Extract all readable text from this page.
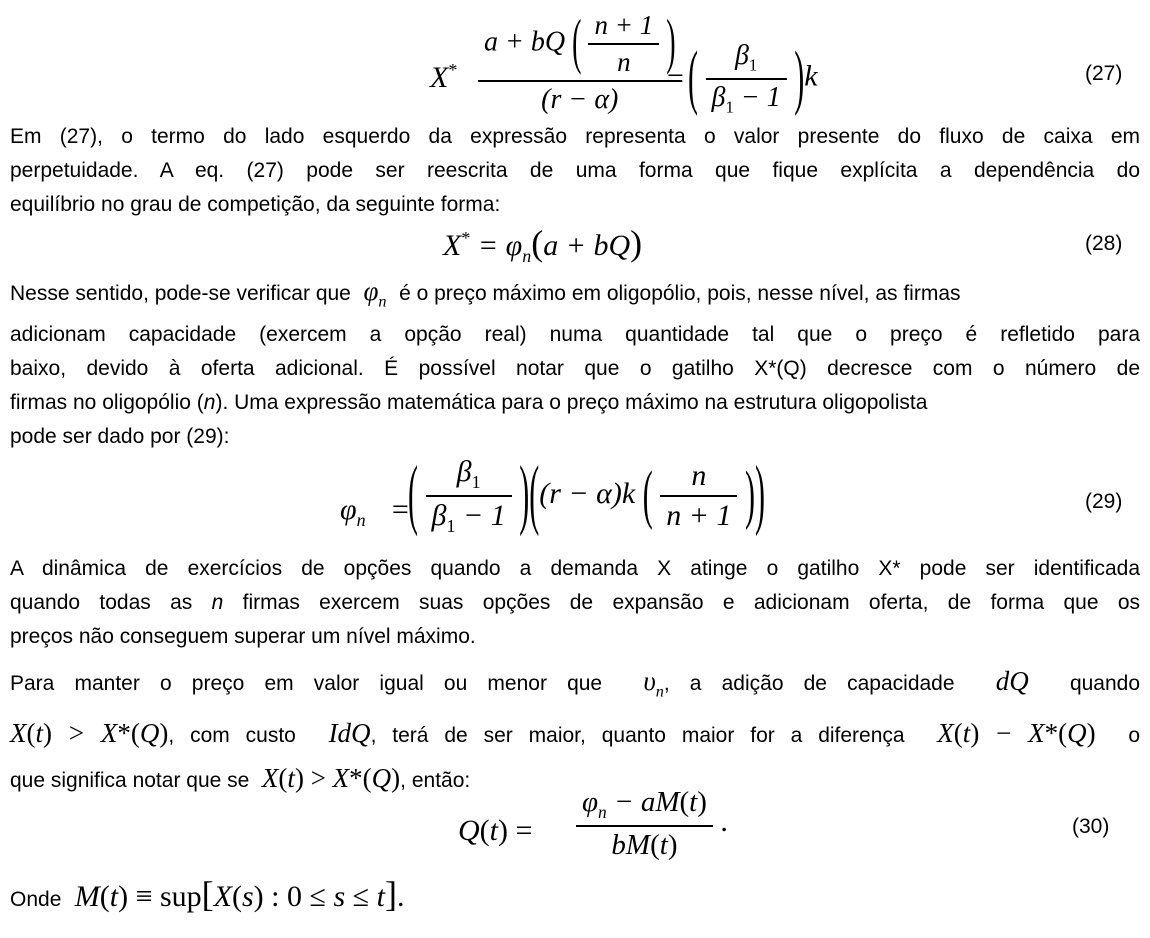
$X^* \frac{a + bQ ( \frac{n + 1}{n} )}{(r - \alpha)}$
= ( $\frac{\beta_1}{\beta_1 - 1} )k$	(27)
Em (27), o termo do lado esquerdo da expressão representa o valor presente do fluxo de caixa em
perpetuidade. A eq. (27) pode ser reescrita de uma forma que fique explícita a dependência do
equilíbrio no grau de competição, da seguinte forma:
$X^* = \varphi_n(a + bQ)$	(28)
Nesse sentido, pode-se verificar que $\varphi_n$ é o preço máximo em oligopólio, pois, nesse nível, as firmas
adicionam capacidade (exercem a opção real) numa quantidade tal que o preço é refletido para
baixo, devido à oferta adicional. É possível notar que o gatilho X*(Q) decresce com o número de
firmas no oligopólio (n). Uma expressão matemática para o preço máximo na estrutura oligopolista
pode ser dado por (29):
$\varphi_n$ =
( $\frac{\beta_1}{\beta_1 - 1} )((r - \alpha)k$ ( $\frac{n}{n + 1}$ ))	(29)
A dinâmica de exercícios de opções quando a demanda X atinge o gatilho X* pode ser identificada
quando todas as n firmas exercem suas opções de expansão e adicionam oferta, de forma que os
preços não conseguem superar um nível máximo.
Para manter o preço em valor igual ou menor que $\upsilon_n$, a adição de capacidade dQ quando
X(t) > X*(Q), com custo IdQ, terá de ser maior, quanto maior for a diferença X(t) − X*(Q) o
que significa notar que se X(t) > X*(Q), então:
$Q(t) = \frac{\varphi_n - aM(t)}{bM(t)}$ .	(30)
Onde M(t) ≡ sup[X(s) : 0 ≤ s ≤ t].
